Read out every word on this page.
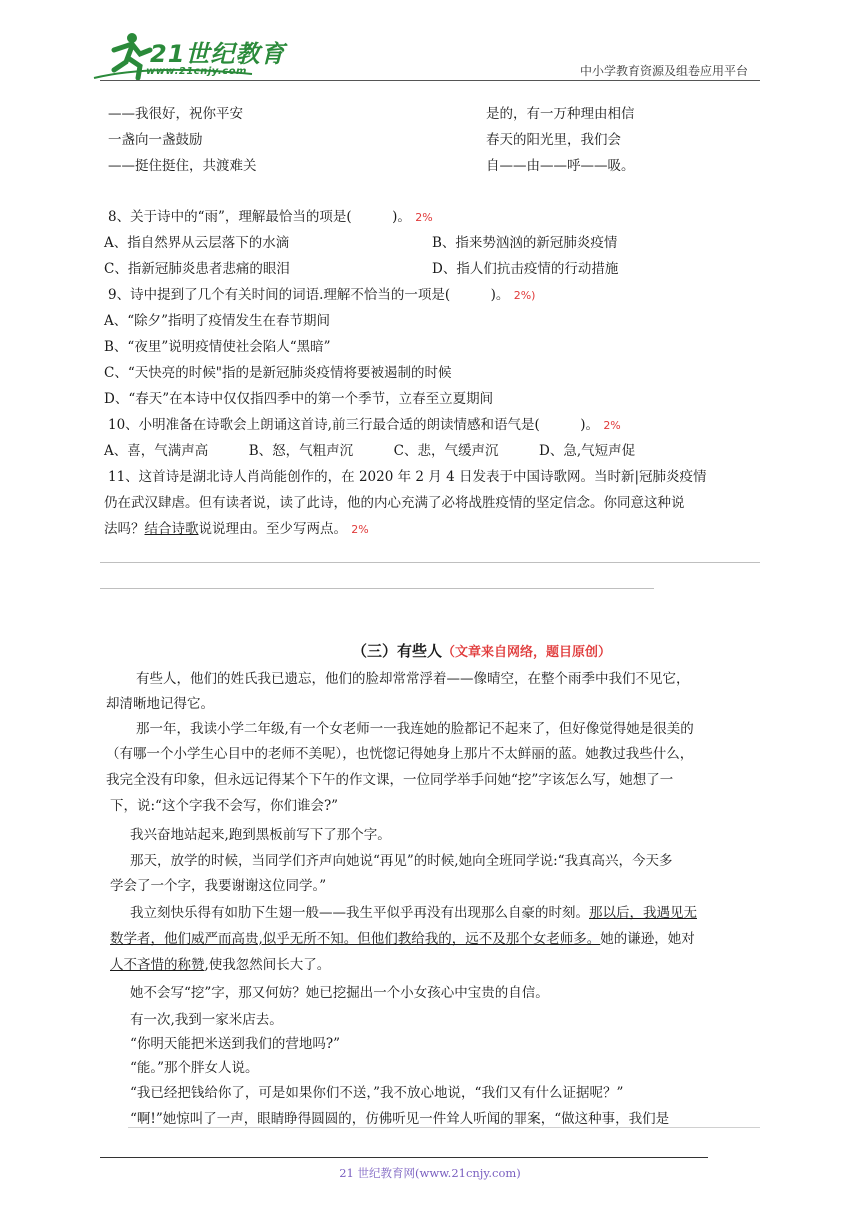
21世纪教育
www.21cnjy.com	中小学教育资源及组卷应用平台
——我很好，祝你平安
一盏向一盏鼓励
——挺住挺住，共渡难关
是的，有一万种理由相信
春天的阳光里，我们会
自——由——呼——吸。
8、关于诗中的“雨”，理解最恰当的项是(　　　)。 2%
A、指自然界从云层落下的水滴	B、指来势汹汹的新冠肺炎疫情
C、指新冠肺炎患者悲痛的眼泪	D、指人们抗击疫情的行动措施
9、诗中提到了几个有关时间的词语.理解不恰当的一项是(　　　)。 2%)
A、“除夕”指明了疫情发生在春节期间
B、“夜里”说明疫情使社会陷人“黑暗”
C、“天快亮的时候"指的是新冠肺炎疫情将要被遏制的时候
D、“春天”在本诗中仅仅指四季中的第一个季节，立春至立夏期间
10、小明准备在诗歌会上朗诵这首诗,前三行最合适的朗读情感和语气是(　　　)。 2%
A、喜，气满声高　　　B、怒，气粗声沉　　　C、悲，气缓声沉　　　D、急,气短声促
11、这首诗是湖北诗人肖尚能创作的，在 2020 年 2 月 4 日发表于中国诗歌网。当时新|冠肺炎疫情
仍在武汉肆虐。但有读者说，读了此诗，他的内心充满了必将战胜疫情的坚定信念。你同意这种说
法吗？结合诗歌说说理由。至少写两点。 2%
（三）有些人（文章来自网络，题目原创）
有些人，他们的姓氏我已遗忘，他们的脸却常常浮着——像晴空，在整个雨季中我们不见它，
却清晰地记得它。
那一年，我读小学二年级,有一个女老师一一我连她的脸都记不起来了，但好像觉得她是很美的
（有哪一个小学生心目中的老师不美呢），也恍惚记得她身上那片不太鲜丽的蓝。她教过我些什么，
我完全没有印象，但永远记得某个下午的作文课，一位同学举手问她“挖”字该怎么写，她想了一
下，说:“这个字我不会写，你们谁会?”
我兴奋地站起来,跑到黑板前写下了那个字。
那天，放学的时候，当同学们齐声向她说“再见”的时候,她向全班同学说:“我真高兴，今天多
学会了一个字，我要谢谢这位同学。”
我立刻快乐得有如肋下生翅一般——我生平似乎再没有出现那么自豪的时刻。那以后，我遇见无
数学者，他们威严而高贵,似乎无所不知。但他们教给我的，远不及那个女老师多。她的谦逊，她对
人不吝惜的称赞,使我忽然间长大了。
她不会写“挖”字，那又何妨？她已挖掘出一个小女孩心中宝贵的自信。
有一次,我到一家米店去。
“你明天能把米送到我们的营地吗?”
“能。”那个胖女人说。
“我已经把钱给你了，可是如果你们不送，”我不放心地说，“我们又有什么证据呢？”
“啊!”她惊叫了一声，眼睛睁得圆圆的，仿佛听见一件耸人听闻的罪案，“做这种事，我们是
21 世纪教育网(www.21cnjy.com)
